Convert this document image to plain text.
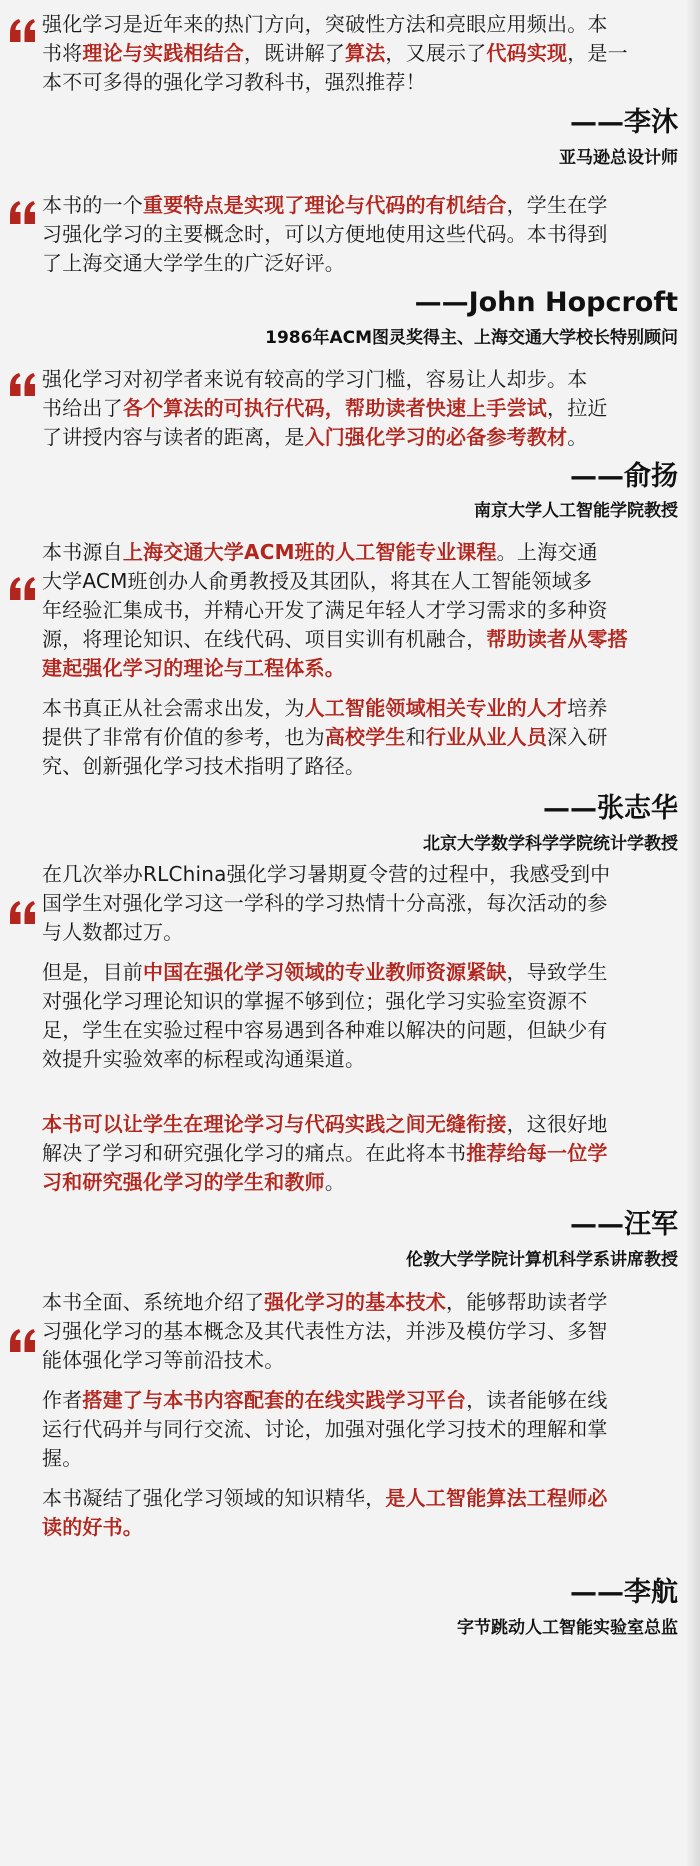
强化学习是近年来的热门方向，突破性方法和亮眼应用频出。本
书将理论与实践相结合，既讲解了算法，又展示了代码实现，是一
本不可多得的强化学习教科书，强烈推荐！
——李沐
亚马逊总设计师
本书的一个重要特点是实现了理论与代码的有机结合，学生在学
习强化学习的主要概念时，可以方便地使用这些代码。本书得到
了上海交通大学学生的广泛好评。
——John Hopcroft
1986年ACM图灵奖得主、上海交通大学校长特别顾问
强化学习对初学者来说有较高的学习门槛，容易让人却步。本
书给出了各个算法的可执行代码，帮助读者快速上手尝试，拉近
了讲授内容与读者的距离，是入门强化学习的必备参考教材。
——俞扬
南京大学人工智能学院教授
本书源自上海交通大学ACM班的人工智能专业课程。上海交通
大学ACM班创办人俞勇教授及其团队，将其在人工智能领域多
年经验汇集成书，并精心开发了满足年轻人才学习需求的多种资
源，将理论知识、在线代码、项目实训有机融合，帮助读者从零搭
建起强化学习的理论与工程体系。
本书真正从社会需求出发，为人工智能领域相关专业的人才培养
提供了非常有价值的参考，也为高校学生和行业从业人员深入研
究、创新强化学习技术指明了路径。
——张志华
北京大学数学科学学院统计学教授
在几次举办RLChina强化学习暑期夏令营的过程中，我感受到中
国学生对强化学习这一学科的学习热情十分高涨，每次活动的参
与人数都过万。
但是，目前中国在强化学习领域的专业教师资源紧缺，导致学生
对强化学习理论知识的掌握不够到位；强化学习实验室资源不
足，学生在实验过程中容易遇到各种难以解决的问题，但缺少有
效提升实验效率的标程或沟通渠道。
本书可以让学生在理论学习与代码实践之间无缝衔接，这很好地
解决了学习和研究强化学习的痛点。在此将本书推荐给每一位学
习和研究强化学习的学生和教师。
——汪军
伦敦大学学院计算机科学系讲席教授
本书全面、系统地介绍了强化学习的基本技术，能够帮助读者学
习强化学习的基本概念及其代表性方法，并涉及模仿学习、多智
能体强化学习等前沿技术。
作者搭建了与本书内容配套的在线实践学习平台，读者能够在线
运行代码并与同行交流、讨论，加强对强化学习技术的理解和掌
握。
本书凝结了强化学习领域的知识精华，是人工智能算法工程师必
读的好书。
——李航
字节跳动人工智能实验室总监
